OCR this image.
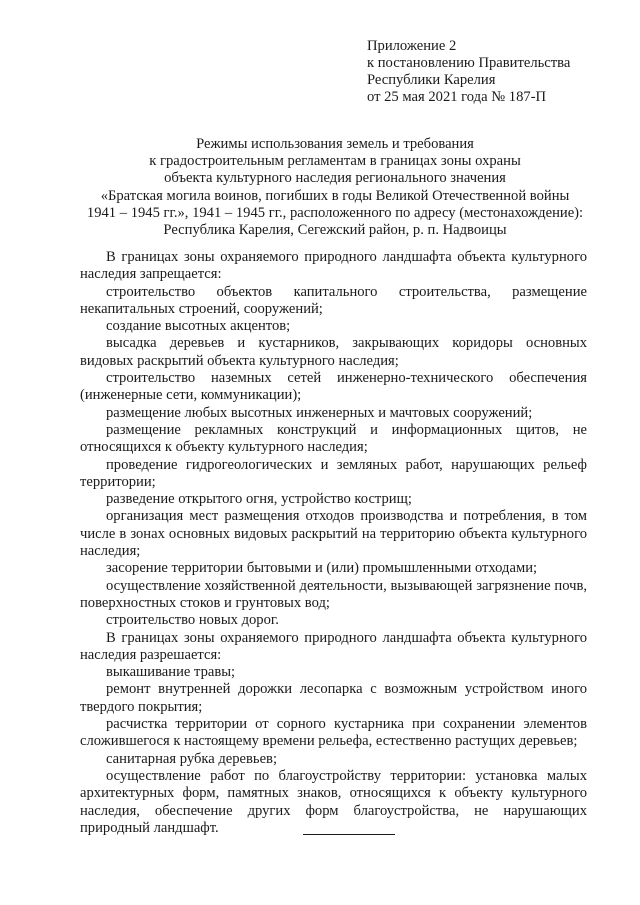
Приложение 2
к постановлению Правительства
Республики Карелия
от 25 мая 2021 года № 187-П
Режимы использования земель и требования
к градостроительным регламентам в границах зоны охраны
объекта культурного наследия регионального значения
«Братская могила воинов, погибших в годы Великой Отечественной войны
1941 – 1945 гг.», 1941 – 1945 гг., расположенного по адресу (местонахождение):
Республика Карелия, Сегежский район, р. п. Надвоицы

В границах зоны охраняемого природного ландшафта объекта культурного наследия запрещается:

строительство объектов капитального строительства, размещение некапитальных строений, сооружений;

создание высотных акцентов;

высадка деревьев и кустарников, закрывающих коридоры основных видовых раскрытий объекта культурного наследия;

строительство наземных сетей инженерно-технического обеспечения (инженерные сети, коммуникации);

размещение любых высотных инженерных и мачтовых сооружений;

размещение рекламных конструкций и информационных щитов, не относящихся к объекту культурного наследия;

проведение гидрогеологических и земляных работ, нарушающих рельеф территории;

разведение открытого огня, устройство кострищ;

организация мест размещения отходов производства и потребления, в том числе в зонах основных видовых раскрытий на территорию объекта культурного наследия;

засорение территории бытовыми и (или) промышленными отходами;

осуществление хозяйственной деятельности, вызывающей загрязнение почв, поверхностных стоков и грунтовых вод;

строительство новых дорог.

В границах зоны охраняемого природного ландшафта объекта культурного наследия разрешается:

выкашивание травы;

ремонт внутренней дорожки лесопарка с возможным устройством иного твердого покрытия;

расчистка территории от сорного кустарника при сохранении элементов сложившегося к настоящему времени рельефа, естественно растущих деревьев;

санитарная рубка деревьев;

осуществление работ по благоустройству территории: установка малых архитектурных форм, памятных знаков, относящихся к объекту культурного наследия, обеспечение других форм благоустройства, не нарушающих природный ландшафт.
